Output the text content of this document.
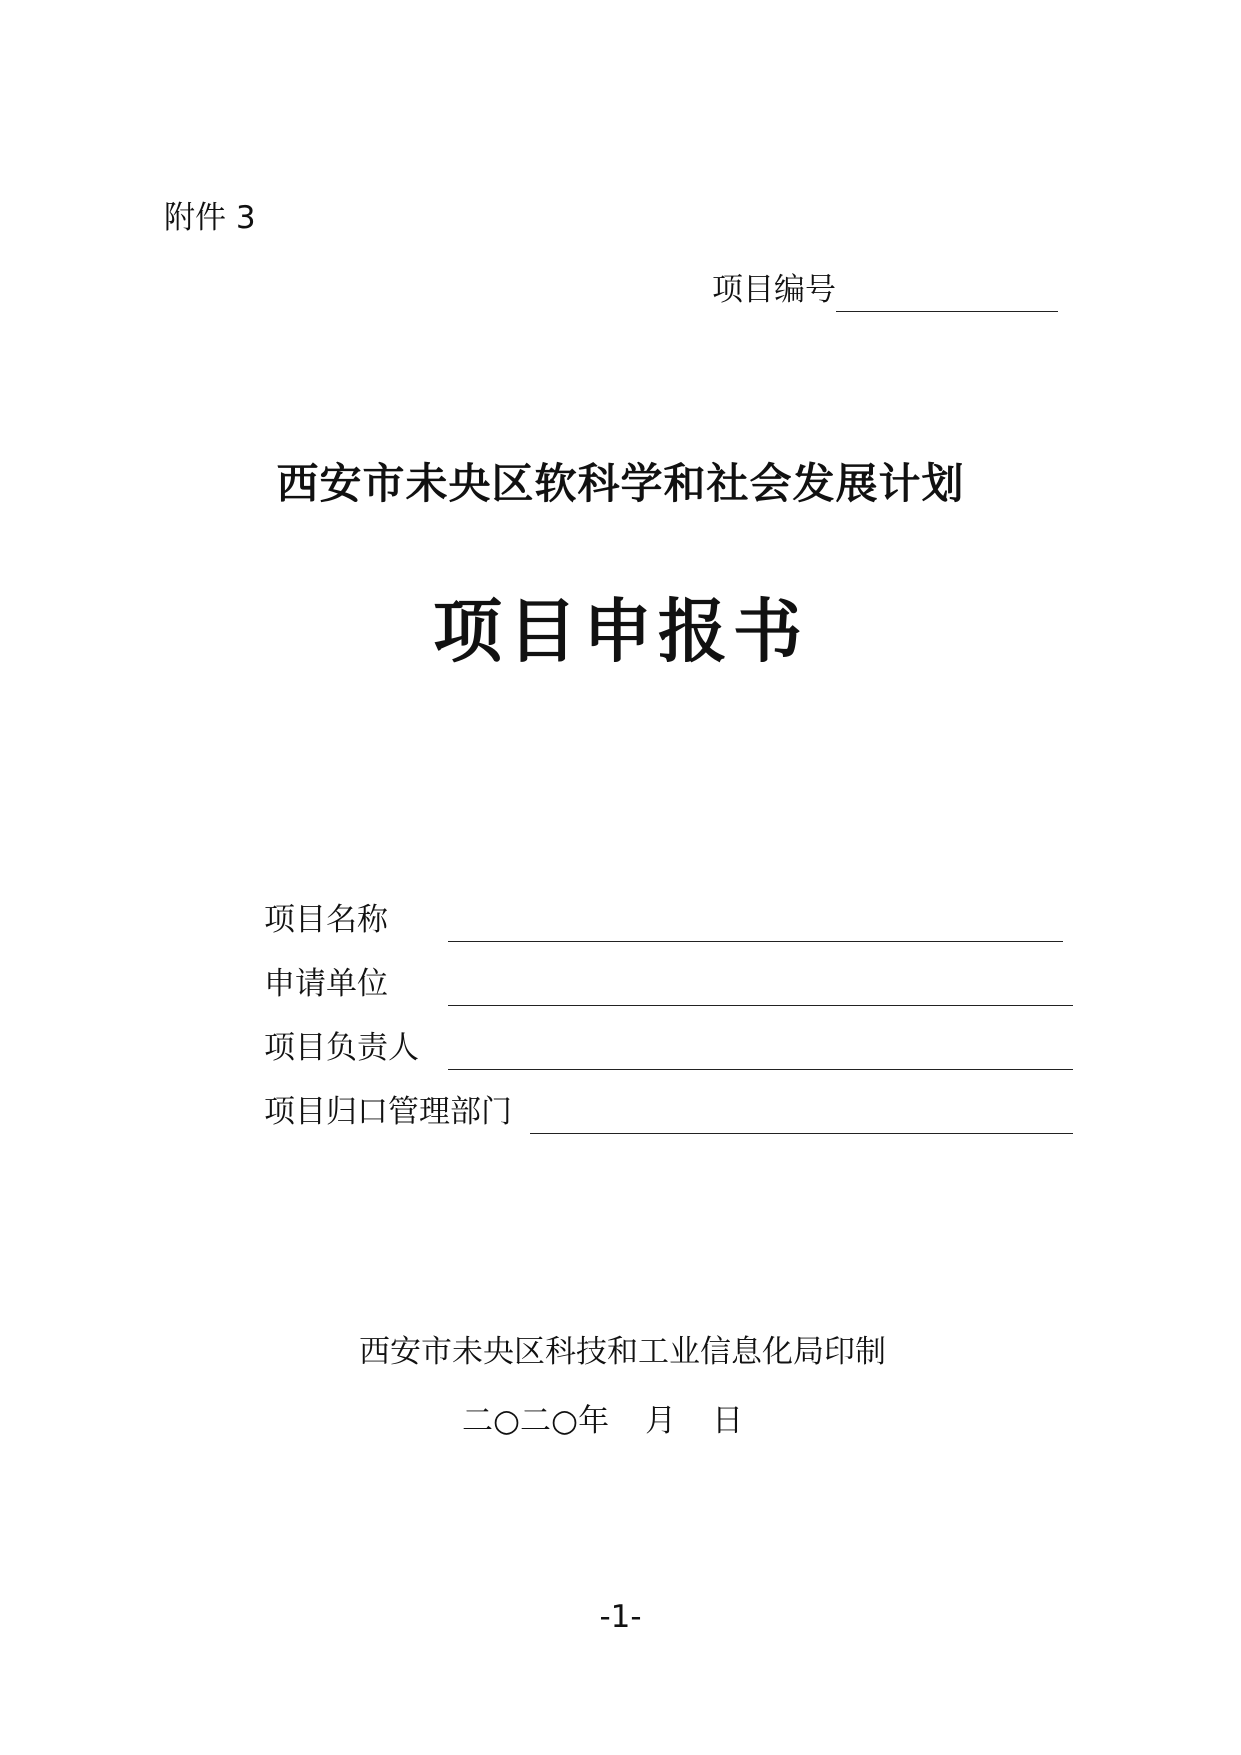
附件 3
项目编号
西安市未央区软科学和社会发展计划
项目申报书
项目名称
申请单位
项目负责人
项目归口管理部门
西安市未央区科技和工业信息化局印制
二○二○年 月 日
-1-
